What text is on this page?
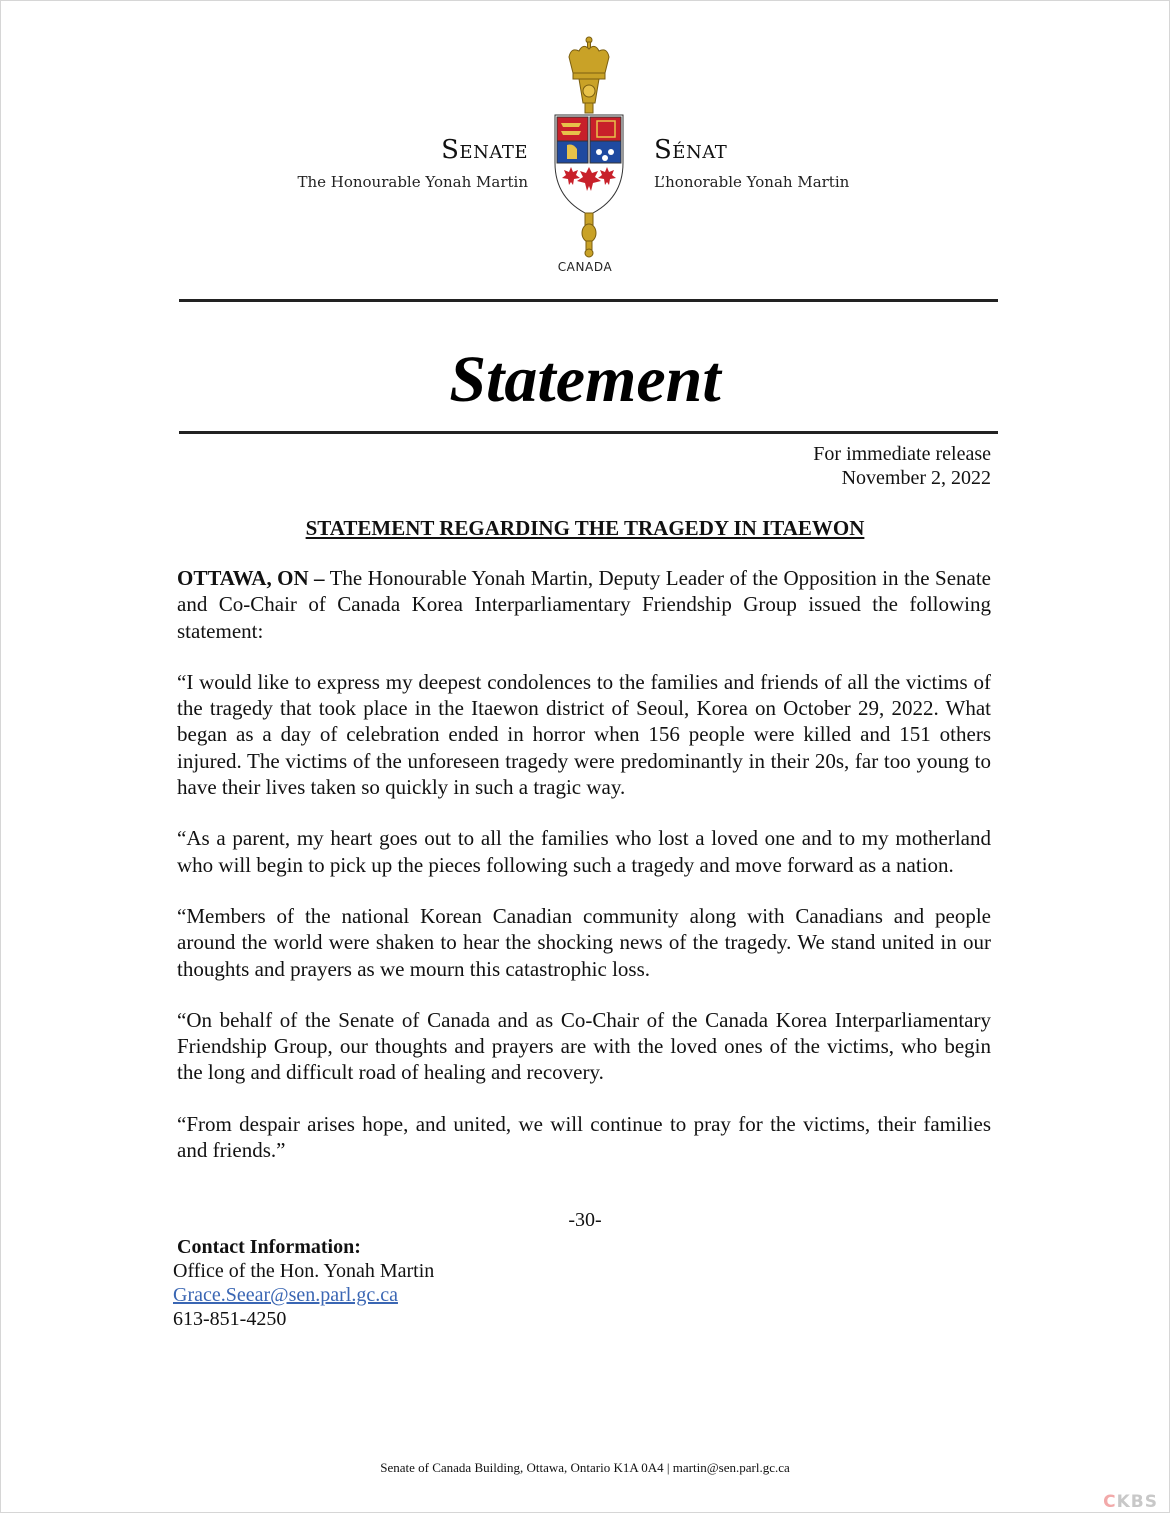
Senate
The Honourable Yonah Martin
Sénat
L’honorable Yonah Martin
CANADA
Statement
For immediate release
November 2, 2022
STATEMENT REGARDING THE TRAGEDY IN ITAEWON

OTTAWA, ON – The Honourable Yonah Martin, Deputy Leader of the Opposition in the Senate and Co-Chair of Canada Korea Interparliamentary Friendship Group issued the following statement:

“I would like to express my deepest condolences to the families and friends of all the victims of the tragedy that took place in the Itaewon district of Seoul, Korea on October 29, 2022. What began as a day of celebration ended in horror when 156 people were killed and 151 others injured. The victims of the unforeseen tragedy were predominantly in their 20s, far too young to have their lives taken so quickly in such a tragic way.

“As a parent, my heart goes out to all the families who lost a loved one and to my motherland who will begin to pick up the pieces following such a tragedy and move forward as a nation.

“Members of the national Korean Canadian community along with Canadians and people around the world were shaken to hear the shocking news of the tragedy. We stand united in our thoughts and prayers as we mourn this catastrophic loss.

“On behalf of the Senate of Canada and as Co-Chair of the Canada Korea Interparliamentary Friendship Group, our thoughts and prayers are with the loved ones of the victims, who begin the long and difficult road of healing and recovery.

“From despair arises hope, and united, we will continue to pray for the victims, their families and friends.”

-30-
Contact Information:
Office of the Hon. Yonah Martin
Grace.Seear@sen.parl.gc.ca
613-851-4250
Senate of Canada Building, Ottawa, Ontario K1A 0A4 | martin@sen.parl.gc.ca
CKBS
